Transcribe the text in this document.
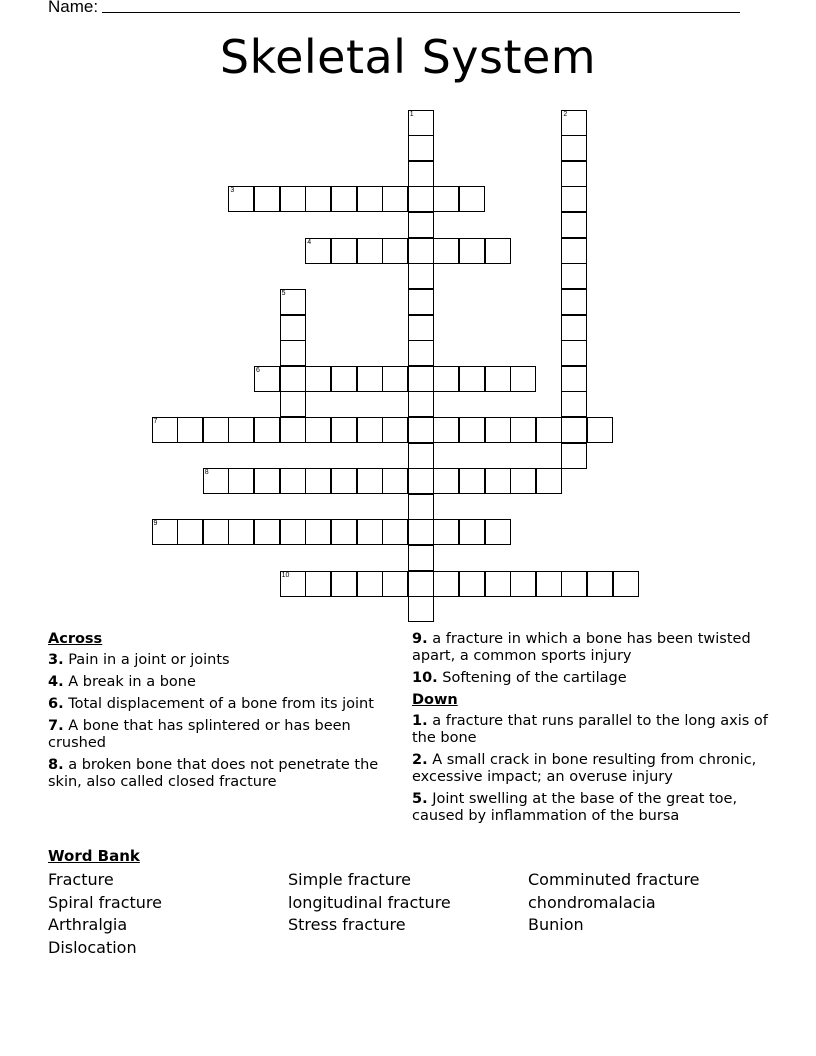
Name:
Skeletal System
1	2
3
4
5
6
7
8
9
10
Across
3. Pain in a joint or joints
4. A break in a bone
6. Total displacement of a bone from its joint
7. A bone that has splintered or has been crushed
8. a broken bone that does not penetrate the skin, also called closed fracture
9. a fracture in which a bone has been twisted apart, a common sports injury
10. Softening of the cartilage
Down
1. a fracture that runs parallel to the long axis of the bone
2. A small crack in bone resulting from chronic, excessive impact; an overuse injury
5. Joint swelling at the base of the great toe, caused by inflammation of the bursa
Word Bank
Fracture
Spiral fracture
Arthralgia
Dislocation
Simple fracture
longitudinal fracture
Stress fracture
Comminuted fracture
chondromalacia
Bunion
